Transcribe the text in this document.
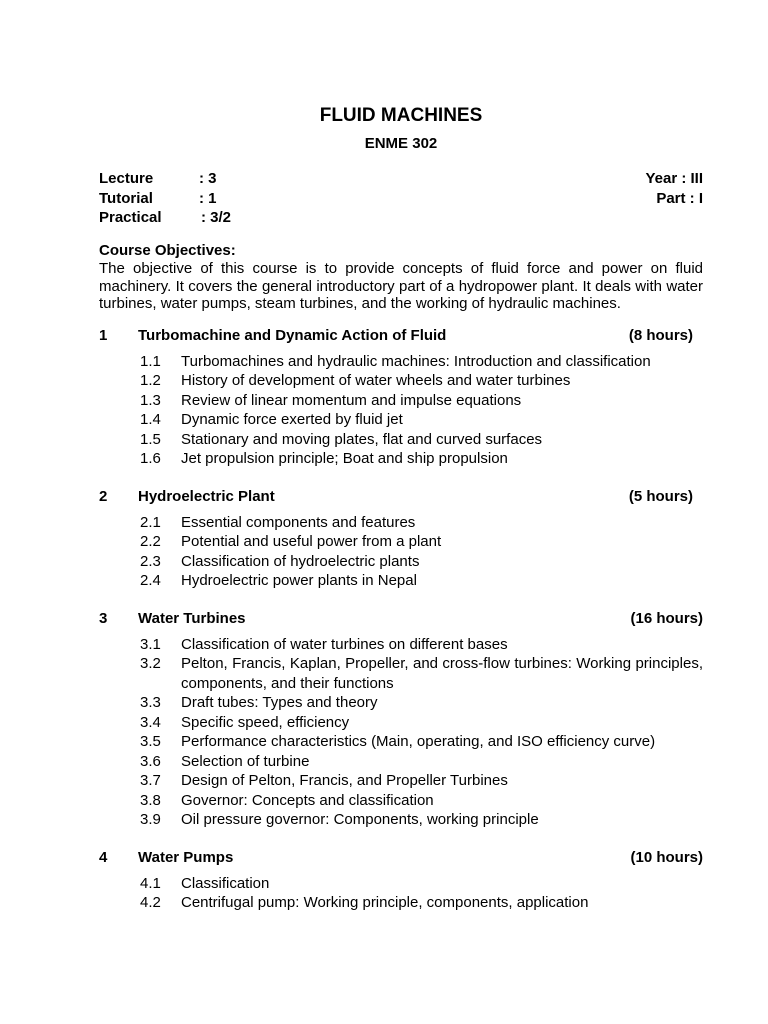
FLUID MACHINES
ENME 302
Lecture	: 3	Year : III
Tutorial	: 1	Part : I
Practical	: 3/2
Course Objectives:

The objective of this course is to provide concepts of fluid force and power on fluid machinery. It covers the general introductory part of a hydropower plant. It deals with water turbines, water pumps, steam turbines, and the working of hydraulic machines.

1 Turbomachine and Dynamic Action of Fluid	(8 hours)
1.1 Turbomachines and hydraulic machines: Introduction and classification
1.2 History of development of water wheels and water turbines
1.3 Review of linear momentum and impulse equations
1.4 Dynamic force exerted by fluid jet
1.5 Stationary and moving plates, flat and curved surfaces
1.6 Jet propulsion principle; Boat and ship propulsion
2 Hydroelectric Plant	(5 hours)
2.1 Essential components and features
2.2 Potential and useful power from a plant
2.3 Classification of hydroelectric plants
2.4 Hydroelectric power plants in Nepal
3 Water Turbines	(16 hours)
3.1 Classification of water turbines on different bases
3.2 Pelton, Francis, Kaplan, Propeller, and cross-flow turbines: Working principles, components, and their functions
3.3 Draft tubes: Types and theory
3.4 Specific speed, efficiency
3.5 Performance characteristics (Main, operating, and ISO efficiency curve)
3.6 Selection of turbine
3.7 Design of Pelton, Francis, and Propeller Turbines
3.8 Governor: Concepts and classification
3.9 Oil pressure governor: Components, working principle
4 Water Pumps	(10 hours)
4.1 Classification
4.2 Centrifugal pump: Working principle, components, application
